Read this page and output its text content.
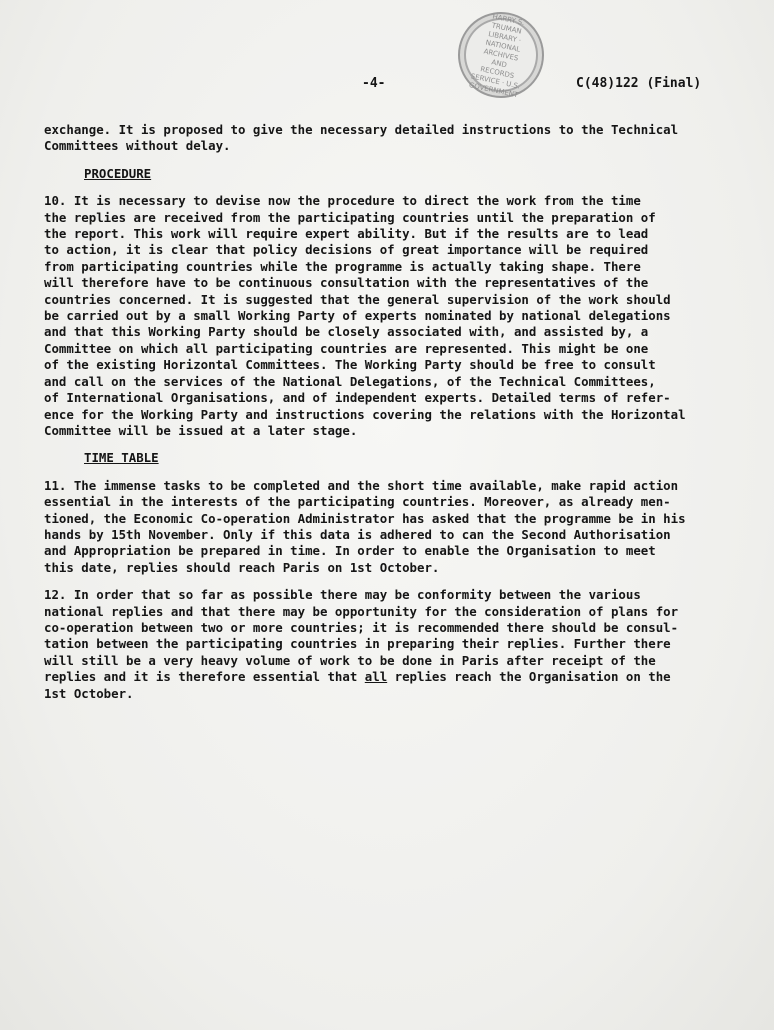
HARRY S. TRUMAN LIBRARY · NATIONAL ARCHIVES AND RECORDS SERVICE · U.S. GOVERNMENT
-4-	C(48)122 (Final)

exchange. It is proposed to give the necessary detailed instructions to the Technical
Committees without delay.

PROCEDURE

10. It is necessary to devise now the procedure to direct the work from the time
the replies are received from the participating countries until the preparation of
the report. This work will require expert ability. But if the results are to lead
to action, it is clear that policy decisions of great importance will be required
from participating countries while the programme is actually taking shape. There
will therefore have to be continuous consultation with the representatives of the
countries concerned. It is suggested that the general supervision of the work should
be carried out by a small Working Party of experts nominated by national delegations
and that this Working Party should be closely associated with, and assisted by, a
Committee on which all participating countries are represented. This might be one
of the existing Horizontal Committees. The Working Party should be free to consult
and call on the services of the National Delegations, of the Technical Committees,
of International Organisations, and of independent experts. Detailed terms of refer-
ence for the Working Party and instructions covering the relations with the Horizontal
Committee will be issued at a later stage.

TIME TABLE

11. The immense tasks to be completed and the short time available, make rapid action
essential in the interests of the participating countries. Moreover, as already men-
tioned, the Economic Co-operation Administrator has asked that the programme be in his
hands by 15th November. Only if this data is adhered to can the Second Authorisation
and Appropriation be prepared in time. In order to enable the Organisation to meet
this date, replies should reach Paris on 1st October.

12. In order that so far as possible there may be conformity between the various
national replies and that there may be opportunity for the consideration of plans for
co-operation between two or more countries; it is recommended there should be consul-
tation between the participating countries in preparing their replies. Further there
will still be a very heavy volume of work to be done in Paris after receipt of the
replies and it is therefore essential that all replies reach the Organisation on the
1st October.
